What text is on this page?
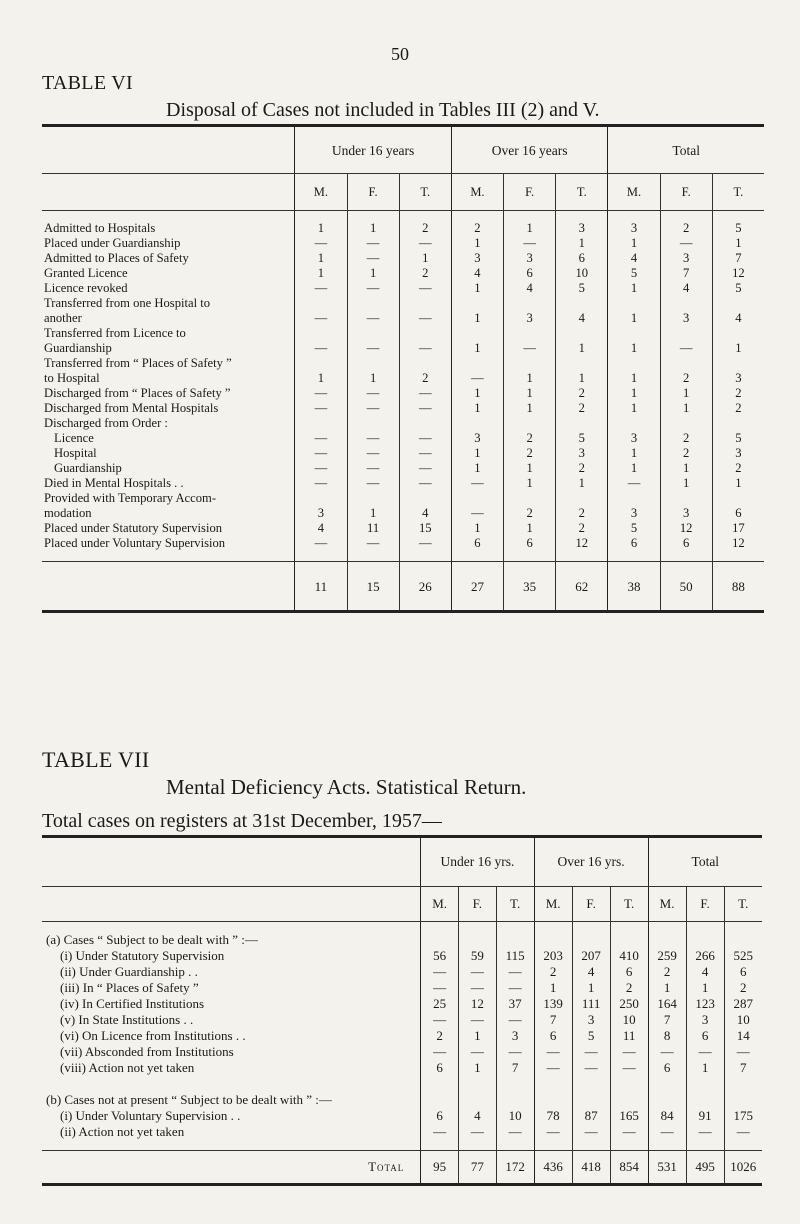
50
TABLE VI
Disposal of Cases not included in Tables III (2) and V.
	Under 16 years			Over 16 years			Total		
	M.	F.	T.	M.	F.	T.	M.	F.	T.

Admitted to Hospitals	1	1	2	2	1	3	3	2	5

Placed under Guardianship	—	—	—	1	—	1	1	—	1

Admitted to Places of Safety	1	—	1	3	3	6	4	3	7

Granted Licence	1	1	2	4	6	10	5	7	12

Licence revoked	—	—	—	1	4	5	1	4	5

Transferred from one Hospital to
another	—	—	—	1	3	4	1	3	4

Transferred from Licence to
Guardianship	—	—	—	1	—	1	1	—	1

Transferred from “ Places of Safety ”
to Hospital	1	1	2	—	1	1	1	2	3

Discharged from “ Places of Safety ”	—	—	—	1	1	2	1	1	2

Discharged from Mental Hospitals	—	—	—	1	1	2	1	1	2

Discharged from Order :
Licence	—	—	—	3	2	5	3	2	5

Hospital	—	—	—	1	2	3	1	2	3

Guardianship	—	—	—	1	1	2	1	1	2

Died in Mental Hospitals . .	—	—	—	—	1	1	—	1	1

Provided with Temporary Accom-
modation	3	1	4	—	2	2	3	3	6

Placed under Statutory Supervision	4	11	15	1	1	2	5	12	17

Placed under Voluntary Supervision	—	—	—	6	6	12	6	6	12

	11	15	26	27	35	62	38	50	88
TABLE VII
Mental Deficiency Acts. Statistical Return.
Total cases on registers at 31st December, 1957—
	Under 16 yrs.			Over 16 yrs.			Total		
	M.	F.	T.	M.	F.	T.	M.	F.	T.

(a) Cases “ Subject to be dealt with ” :—									
(i) Under Statutory Supervision	56	59	115	203	207	410	259	266	525
(ii) Under Guardianship . .	—	—	—	2	4	6	2	4	6
(iii) In “ Places of Safety ”	—	—	—	1	1	2	1	1	2
(iv) In Certified Institutions	25	12	37	139	111	250	164	123	287
(v) In State Institutions . .	—	—	—	7	3	10	7	3	10
(vi) On Licence from Institutions . .	2	1	3	6	5	11	8	6	14
(vii) Absconded from Institutions	—	—	—	—	—	—	—	—	—
(viii) Action not yet taken	6	1	7	—	—	—	6	1	7

(b) Cases not at present “ Subject to be dealt with ” :—									
(i) Under Voluntary Supervision . .	6	4	10	78	87	165	84	91	175
(ii) Action not yet taken	—	—	—	—	—	—	—	—	—

Total	95	77	172	436	418	854	531	495	1026
